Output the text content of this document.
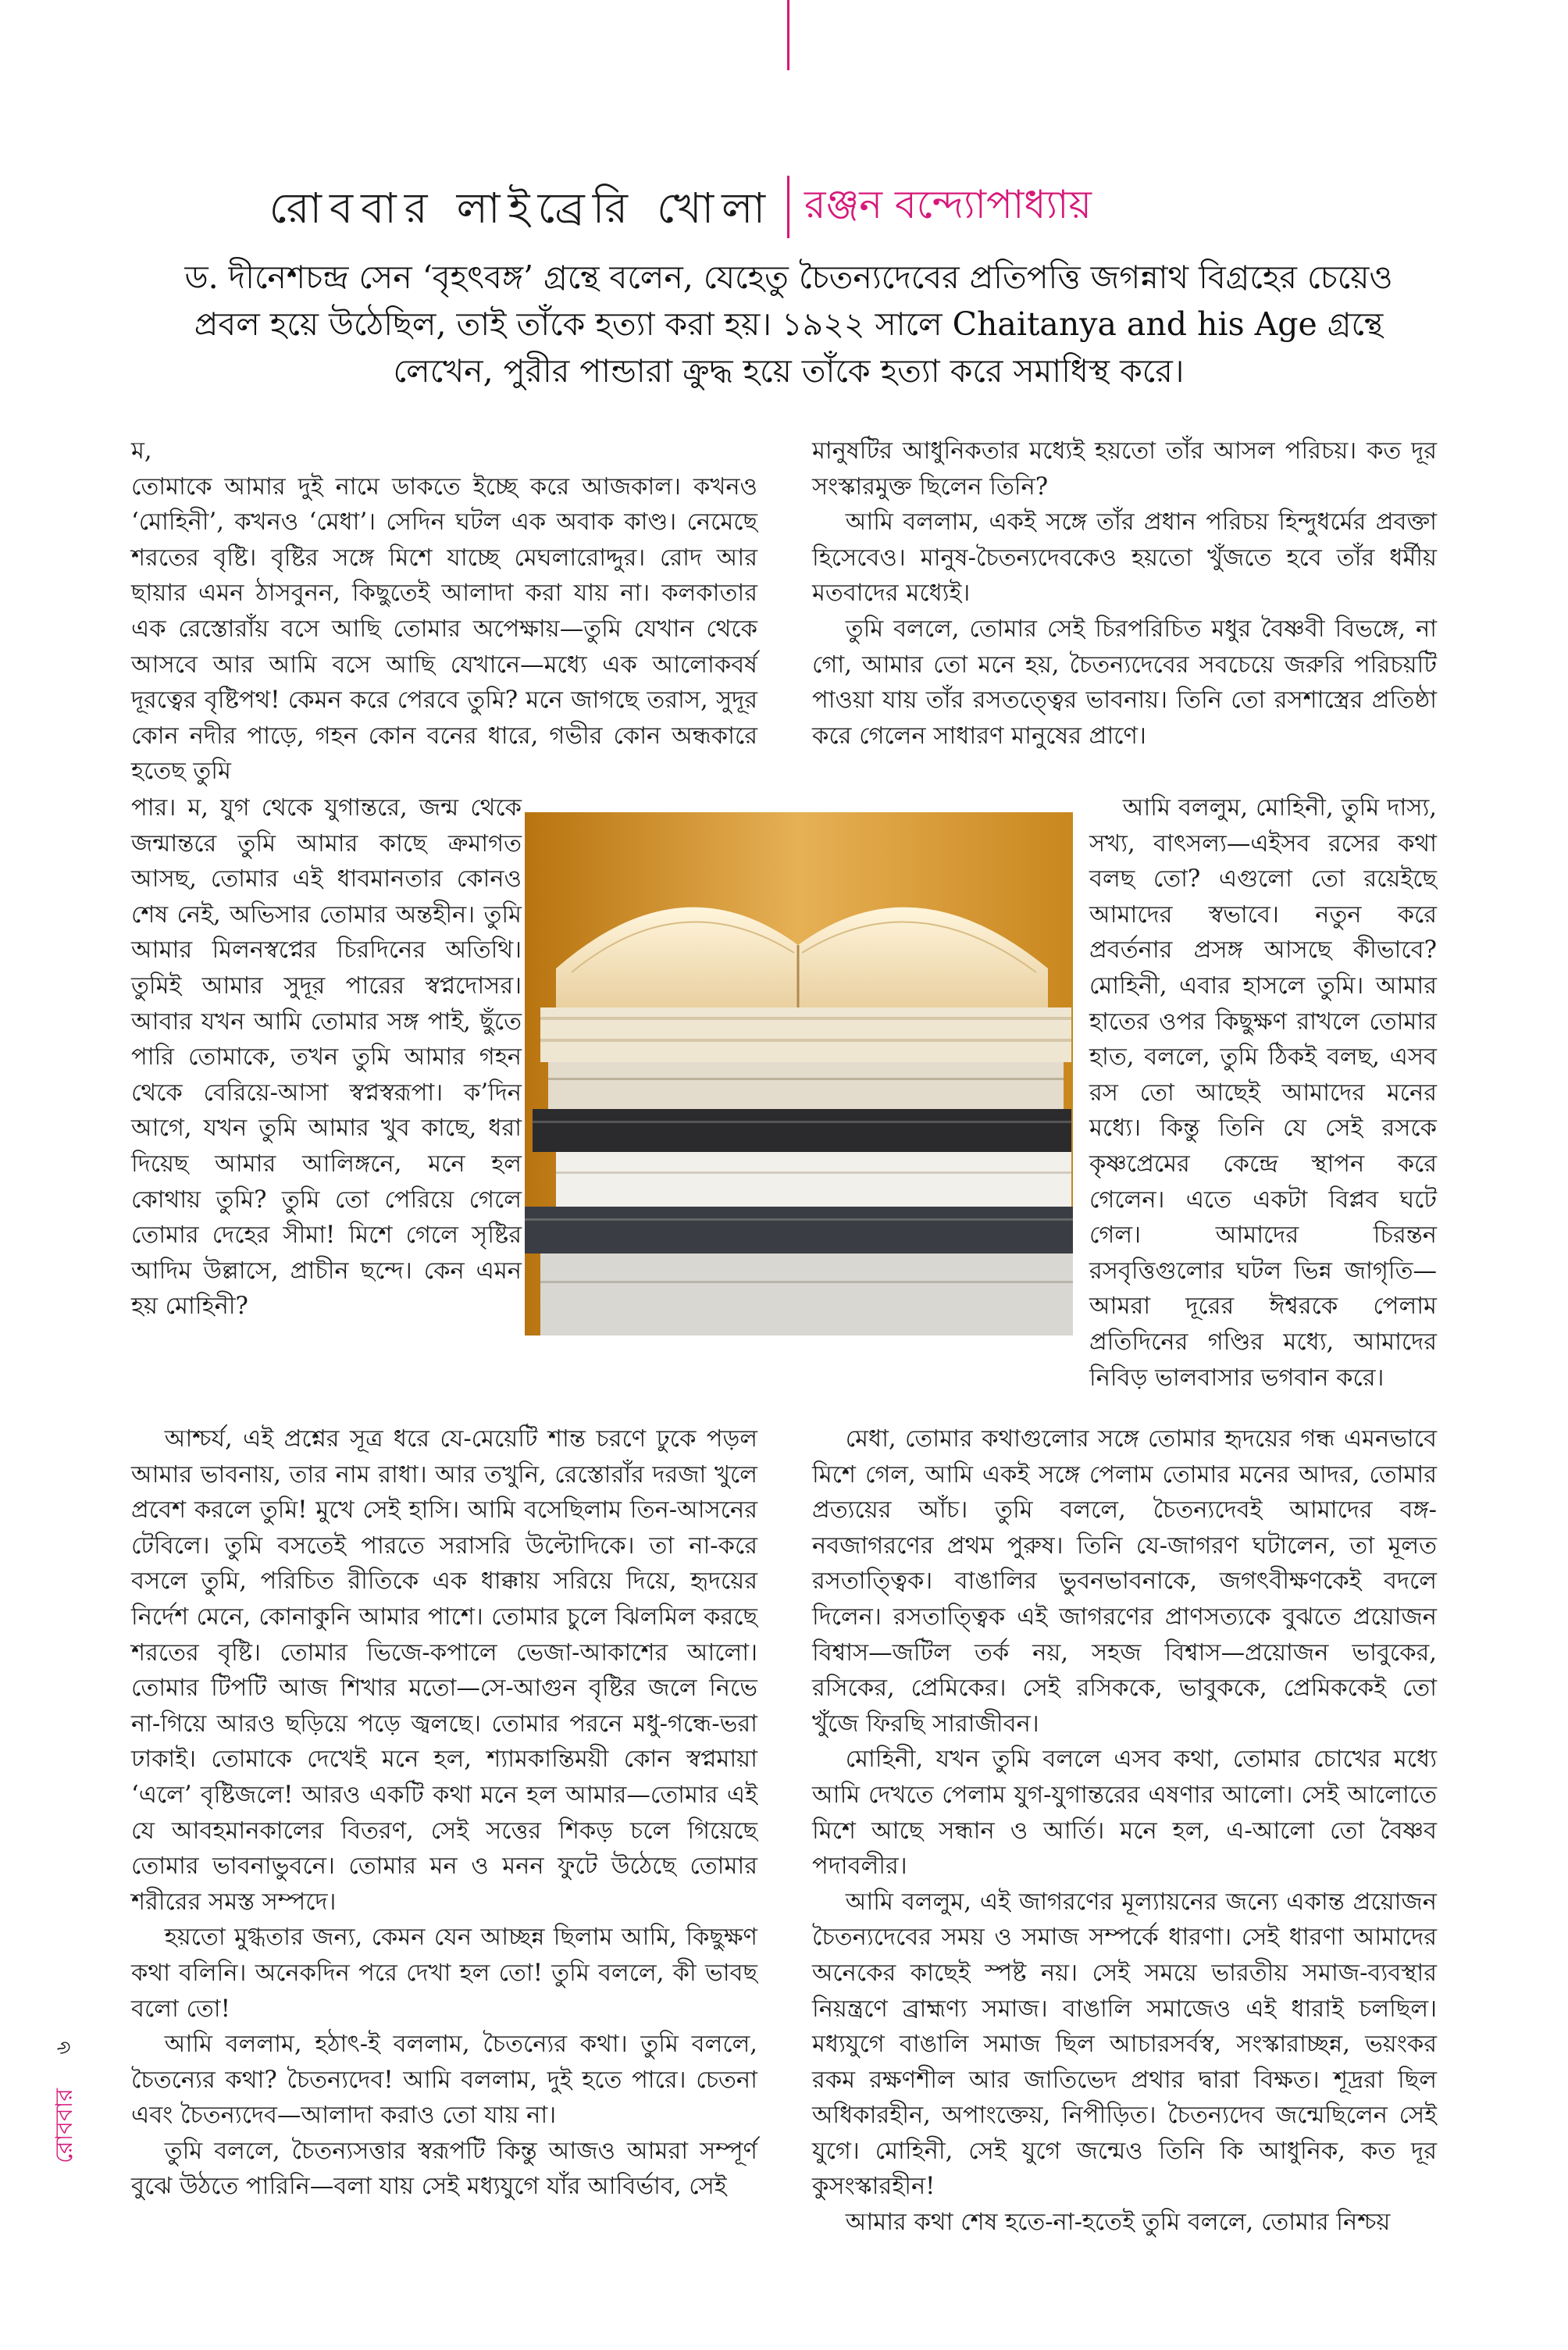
রোববার লাইব্রেরি খোলা রঞ্জন বন্দ্যোপাধ্যায়
ড. দীনেশচন্দ্র সেন ‘বৃহৎবঙ্গ’ গ্রন্থে বলেন, যেহেতু চৈতন্যদেবের প্রতিপত্তি জগন্নাথ বিগ্রহের চেয়েও প্রবল হয়ে উঠেছিল, তাই তাঁকে হত্যা করা হয়। ১৯২২ সালে Chaitanya and his Age গ্রন্থে লেখেন, পুরীর পান্ডারা ক্রুদ্ধ হয়ে তাঁকে হত্যা করে সমাধিস্থ করে।

ম,

তোমাকে আমার দুই নামে ডাকতে ইচ্ছে করে আজকাল। কখনও ‘মোহিনী’, কখনও ‘মেধা’। সেদিন ঘটল এক অবাক কাণ্ড। নেমেছে শরতের বৃষ্টি। বৃষ্টির সঙ্গে মিশে যাচ্ছে মেঘলারোদ্দুর। রোদ আর ছায়ার এমন ঠাসবুনন, কিছুতেই আলাদা করা যায় না। কলকাতার এক রেস্তোরাঁয় বসে আছি তোমার অপেক্ষায়—তুমি যেখান থেকে আসবে আর আমি বসে আছি যেখানে—মধ্যে এক আলোকবর্ষ দূরত্বের বৃষ্টিপথ! কেমন করে পেরবে তুমি? মনে জাগছে তরাস, সুদূর কোন নদীর পাড়ে, গহন কোন বনের ধারে, গভীর কোন অন্ধকারে হতেছ তুমি

পার। ম, যুগ থেকে যুগান্তরে, জন্ম থেকে জন্মান্তরে তুমি আমার কাছে ক্রমাগত আসছ, তোমার এই ধাবমানতার কোনও শেষ নেই, অভিসার তোমার অন্তহীন। তুমি আমার মিলনস্বপ্নের চিরদিনের অতিথি। তুমিই আমার সুদূর পারের স্বপ্নদোসর। আবার যখন আমি তোমার সঙ্গ পাই, ছুঁতে পারি তোমাকে, তখন তুমি আমার গহন থেকে বেরিয়ে-আসা স্বপ্নস্বরূপা। ক’দিন আগে, যখন তুমি আমার খুব কাছে, ধরা দিয়েছ আমার আলিঙ্গনে, মনে হল কোথায় তুমি? তুমি তো পেরিয়ে গেলে তোমার দেহের সীমা! মিশে গেলে সৃষ্টির আদিম উল্লাসে, প্রাচীন ছন্দে। কেন এমন হয় মোহিনী?

আশ্চর্য, এই প্রশ্নের সূত্র ধরে যে-মেয়েটি শান্ত চরণে ঢুকে পড়ল আমার ভাবনায়, তার নাম রাধা। আর তখুনি, রেস্তোরাঁর দরজা খুলে প্রবেশ করলে তুমি! মুখে সেই হাসি। আমি বসেছিলাম তিন-আসনের টেবিলে। তুমি বসতেই পারতে সরাসরি উল্টোদিকে। তা না-করে বসলে তুমি, পরিচিত রীতিকে এক ধাক্কায় সরিয়ে দিয়ে, হৃদয়ের নির্দেশ মেনে, কোনাকুনি আমার পাশে। তোমার চুলে ঝিলমিল করছে শরতের বৃষ্টি। তোমার ভিজে-কপালে ভেজা-আকাশের আলো। তোমার টিপটি আজ শিখার মতো—সে-আগুন বৃষ্টির জলে নিভে না-গিয়ে আরও ছড়িয়ে পড়ে জ্বলছে। তোমার পরনে মধু-গন্ধে-ভরা ঢাকাই। তোমাকে দেখেই মনে হল, শ্যামকান্তিময়ী কোন স্বপ্নমায়া ‘এলে’ বৃষ্টিজলে! আরও একটি কথা মনে হল আমার—তোমার এই যে আবহমানকালের বিতরণ, সেই সত্তের শিকড় চলে গিয়েছে তোমার ভাবনাভুবনে। তোমার মন ও মনন ফুটে উঠেছে তোমার শরীরের সমস্ত সম্পদে।

হয়তো মুগ্ধতার জন্য, কেমন যেন আচ্ছন্ন ছিলাম আমি, কিছুক্ষণ কথা বলিনি। অনেকদিন পরে দেখা হল তো! তুমি বললে, কী ভাবছ বলো তো!

আমি বললাম, হঠাৎ-ই বললাম, চৈতন্যের কথা। তুমি বললে, চৈতন্যের কথা? চৈতন্যদেব! আমি বললাম, দুই হতে পারে। চেতনা এবং চৈতন্যদেব—আলাদা করাও তো যায় না।

তুমি বললে, চৈতন্যসত্তার স্বরূপটি কিন্তু আজও আমরা সম্পূর্ণ বুঝে উঠতে পারিনি—বলা যায় সেই মধ্যযুগে যাঁর আবির্ভাব, সেই

মানুষটির আধুনিকতার মধ্যেই হয়তো তাঁর আসল পরিচয়। কত দূর সংস্কারমুক্ত ছিলেন তিনি?

আমি বললাম, একই সঙ্গে তাঁর প্রধান পরিচয় হিন্দুধর্মের প্রবক্তা হিসেবেও। মানুষ-চৈতন্যদেবকেও হয়তো খুঁজতে হবে তাঁর ধর্মীয় মতবাদের মধ্যেই।

তুমি বললে, তোমার সেই চিরপরিচিত মধুর বৈষ্ণবী বিভঙ্গে, না গো, আমার তো মনে হয়, চৈতন্যদেবের সবচেয়ে জরুরি পরিচয়টি পাওয়া যায় তাঁর রসতত্ত্বের ভাবনায়। তিনি তো রসশাস্ত্রের প্রতিষ্ঠা করে গেলেন সাধারণ মানুষের প্রাণে।

আমি বললুম, মোহিনী, তুমি দাস্য, সখ্য, বাৎসল্য—এইসব রসের কথা বলছ তো? এগুলো তো রয়েইছে আমাদের স্বভাবে। নতুন করে প্রবর্তনার প্রসঙ্গ আসছে কীভাবে? মোহিনী, এবার হাসলে তুমি। আমার হাতের ওপর কিছুক্ষণ রাখলে তোমার হাত, বললে, তুমি ঠিকই বলছ, এসব রস তো আছেই আমাদের মনের মধ্যে। কিন্তু তিনি যে সেই রসকে কৃষ্ণপ্রেমের কেন্দ্রে স্থাপন করে গেলেন। এতে একটা বিপ্লব ঘটে গেল। আমাদের চিরন্তন রসবৃত্তিগুলোর ঘটল ভিন্ন জাগৃতি—আমরা দূরের ঈশ্বরকে পেলাম প্রতিদিনের গণ্ডির মধ্যে, আমাদের নিবিড় ভালবাসার ভগবান করে।

মেধা, তোমার কথাগুলোর সঙ্গে তোমার হৃদয়ের গন্ধ এমনভাবে মিশে গেল, আমি একই সঙ্গে পেলাম তোমার মনের আদর, তোমার প্রত্যয়ের আঁচ। তুমি বললে, চৈতন্যদেবই আমাদের বঙ্গ-নবজাগরণের প্রথম পুরুষ। তিনি যে-জাগরণ ঘটালেন, তা মূলত রসতাত্ত্বিক। বাঙালির ভুবনভাবনাকে, জগৎবীক্ষণকেই বদলে দিলেন। রসতাত্ত্বিক এই জাগরণের প্রাণসত্যকে বুঝতে প্রয়োজন বিশ্বাস—জটিল তর্ক নয়, সহজ বিশ্বাস—প্রয়োজন ভাবুকের, রসিকের, প্রেমিকের। সেই রসিককে, ভাবুককে, প্রেমিককেই তো খুঁজে ফিরছি সারাজীবন।

মোহিনী, যখন তুমি বললে এসব কথা, তোমার চোখের মধ্যে আমি দেখতে পেলাম যুগ-যুগান্তরের এষণার আলো। সেই আলোতে মিশে আছে সন্ধান ও আর্তি। মনে হল, এ-আলো তো বৈষ্ণব পদাবলীর।

আমি বললুম, এই জাগরণের মূল্যায়নের জন্যে একান্ত প্রয়োজন চৈতন্যদেবের সময় ও সমাজ সম্পর্কে ধারণা। সেই ধারণা আমাদের অনেকের কাছেই স্পষ্ট নয়। সেই সময়ে ভারতীয় সমাজ-ব্যবস্থার নিয়ন্ত্রণে ব্রাহ্মণ্য সমাজ। বাঙালি সমাজেও এই ধারাই চলছিল। মধ্যযুগে বাঙালি সমাজ ছিল আচারসর্বস্ব, সংস্কারাচ্ছন্ন, ভয়ংকর রকম রক্ষণশীল আর জাতিভেদ প্রথার দ্বারা বিক্ষত। শূদ্ররা ছিল অধিকারহীন, অপাংক্তেয়, নিপীড়িত। চৈতন্যদেব জন্মেছিলেন সেই যুগে। মোহিনী, সেই যুগে জন্মেও তিনি কি আধুনিক, কত দূর কুসংস্কারহীন!

আমার কথা শেষ হতে-না-হতেই তুমি বললে, তোমার নিশ্চয়

৬
রোববার
